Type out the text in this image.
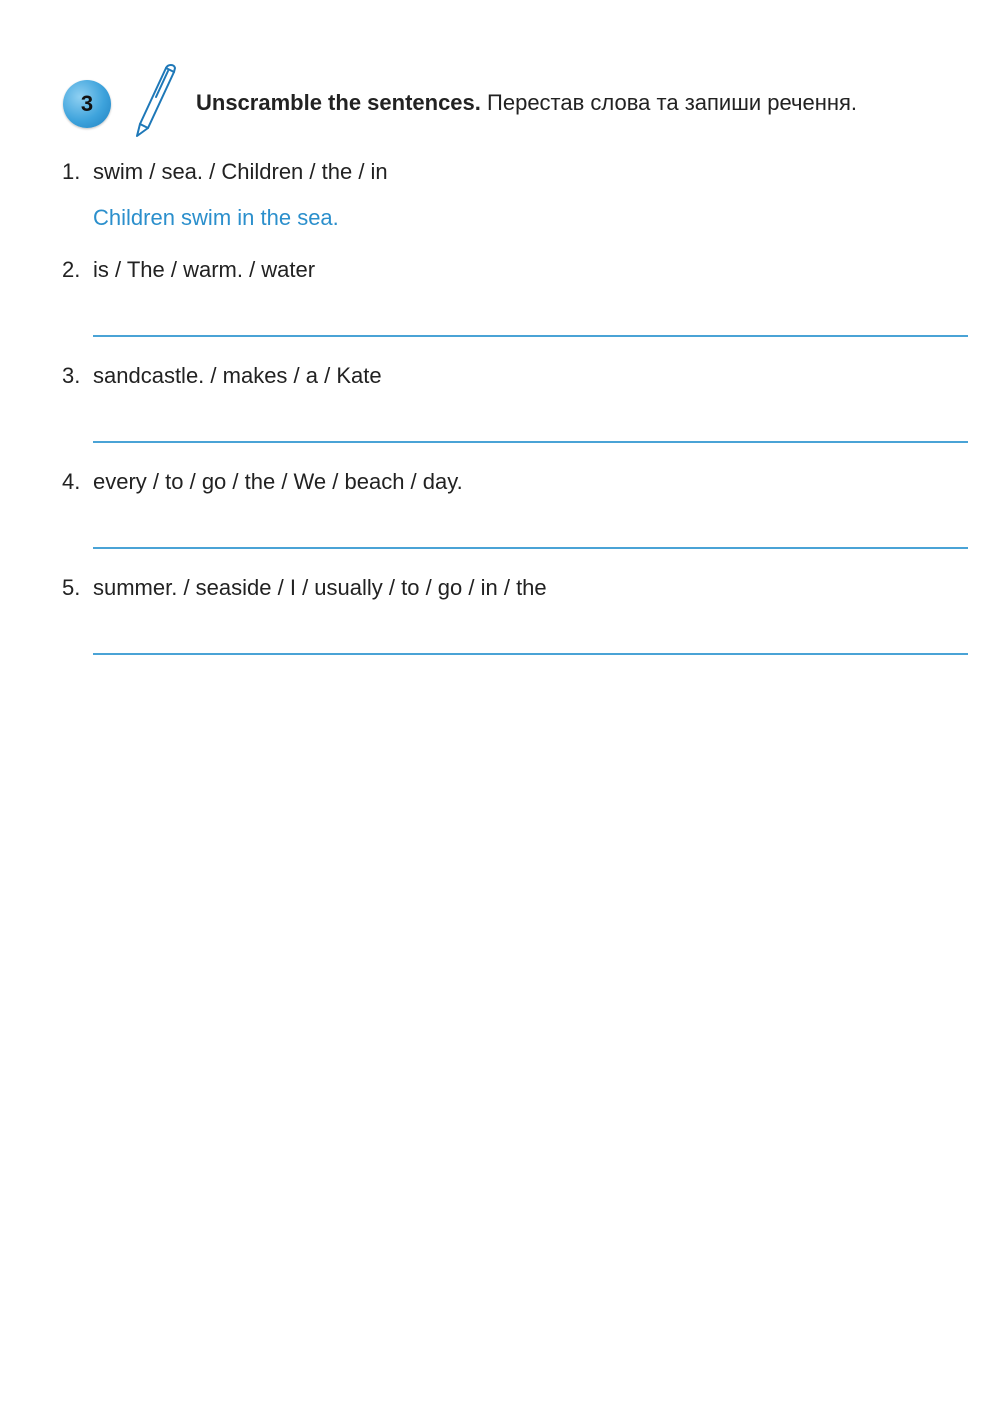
3	Unscramble the sentences. Перестав слова та запиши речення.
1. swim / sea. / Children / the / in
Children swim in the sea.
2. is / The / warm. / water
3. sandcastle. / makes / a / Kate
4. every / to / go / the / We / beach / day.
5. summer. / seaside / I / usually / to / go / in / the
